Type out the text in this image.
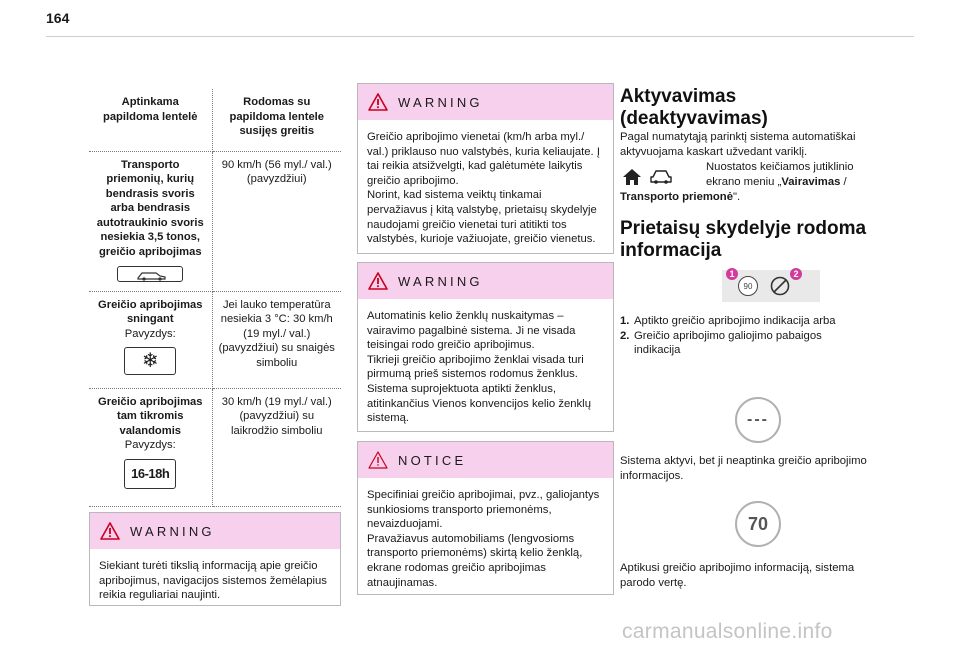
164
Aptinkama papildoma lentelė	Rodomas su papildoma lentele susijęs greitis

Transporto priemonių, kurių bendrasis svoris arba bendrasis autotraukinio svoris nesiekia 3,5 tonos, greičio apribojimas	90 km/h (56 myl./ val.) (pavyzdžiui)

Greičio apribojimas sningant
Pavyzdys:
❄	Jei lauko temperatūra nesiekia 3 °C: 30 km/h (19 myl./ val.) (pavyzdžiui) su snaigės simboliu

Greičio apribojimas tam tikromis valandomis
Pavyzdys:
16-18h	30 km/h (19 myl./ val.) (pavyzdžiui) su laikrodžio simboliu
WARNING

Siekiant turėti tikslią informaciją apie greičio apribojimus, navigacijos sistemos žemėlapius reikia reguliariai naujinti.

WARNING

Greičio apribojimo vienetai (km/h arba myl./ val.) priklauso nuo valstybės, kuria keliaujate. Į tai reikia atsižvelgti, kad galėtumėte laikytis greičio apribojimo.
Norint, kad sistema veiktų tinkamai pervažiavus į kitą valstybę, prietaisų skydelyje naudojami greičio vienetai turi atitikti tos valstybės, kurioje važiuojate, greičio vienetus.

WARNING

Automatinis kelio ženklų nuskaitymas – vairavimo pagalbinė sistema. Ji ne visada teisingai rodo greičio apribojimus.
Tikrieji greičio apribojimo ženklai visada turi pirmumą prieš sistemos rodomus ženklus.
Sistema suprojektuota aptikti ženklus, atitinkančius Vienos konvencijos kelio ženklų sistemą.

NOTICE

Specifiniai greičio apribojimai, pvz., galiojantys sunkiosioms transporto priemonėms, nevaizduojami.
Pravažiavus automobiliams (lengvosioms transporto priemonėms) skirtą kelio ženklą, ekrane rodomas greičio apribojimas atnaujinamas.

Aktyvavimas
(deaktyvavimas)
Pagal numatytąją parinktį sistema automatiškai aktyvuojama kaskart užvedant variklį.
Nuostatos keičiamos jutiklinio
ekrano meniu „Vairavimas /
Transporto priemonė".
Prietaisų skydelyje rodoma
informacija
90
1	2
1. Aptikto greičio apribojimo indikacija arba
2. Greičio apribojimo galiojimo pabaigos indikacija
---
Sistema aktyvi, bet ji neaptinka greičio apribojimo informacijos.
70
Aptikusi greičio apribojimo informaciją, sistema parodo vertę.
carmanualsonline.info
